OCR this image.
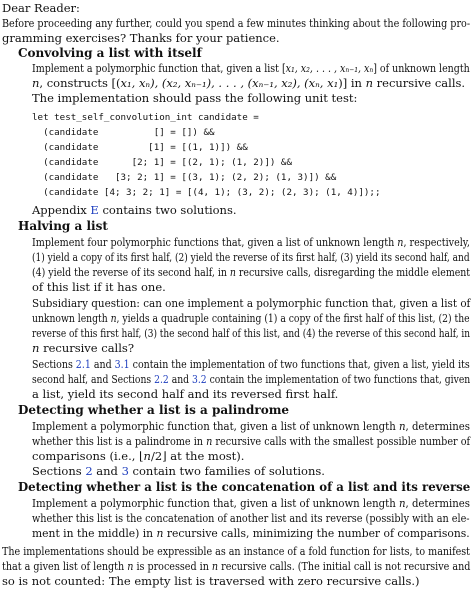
Dear Reader:
Before proceeding any further, could you spend a few minutes thinking about the following pro-
gramming exercises? Thanks for your patience.
Convolving a list with itself
Implement a polymorphic function that, given a list [x₁, x₂, . . . , xₙ₋₁, xₙ] of unknown length
n, constructs [(x₁, xₙ), (x₂, xₙ₋₁), . . . , (xₙ₋₁, x₂), (xₙ, x₁)] in n recursive calls.
The implementation should pass the following unit test:
let test_self_convolution_int candidate =
(candidate          [] = []) &&
(candidate         [1] = [(1, 1)]) &&
(candidate      [2; 1] = [(2, 1); (1, 2)]) &&
(candidate   [3; 2; 1] = [(3, 1); (2, 2); (1, 3)]) &&
(candidate [4; 3; 2; 1] = [(4, 1); (3, 2); (2, 3); (1, 4)]);;
Appendix E contains two solutions.
Halving a list
Implement four polymorphic functions that, given a list of unknown length n, respectively,
(1) yield a copy of its first half, (2) yield the reverse of its first half, (3) yield its second half, and
(4) yield the reverse of its second half, in n recursive calls, disregarding the middle element
of this list if it has one.
Subsidiary question: can one implement a polymorphic function that, given a list of
unknown length n, yields a quadruple containing (1) a copy of the first half of this list, (2) the
reverse of this first half, (3) the second half of this list, and (4) the reverse of this second half, in
n recursive calls?
Sections 2.1 and 3.1 contain the implementation of two functions that, given a list, yield its
second half, and Sections 2.2 and 3.2 contain the implementation of two functions that, given
a list, yield its second half and its reversed first half.
Detecting whether a list is a palindrome
Implement a polymorphic function that, given a list of unknown length n, determines
whether this list is a palindrome in n recursive calls with the smallest possible number of
comparisons (i.e., ⌊n/2⌋ at the most).
Sections 2 and 3 contain two families of solutions.
Detecting whether a list is the concatenation of a list and its reverse
Implement a polymorphic function that, given a list of unknown length n, determines
whether this list is the concatenation of another list and its reverse (possibly with an ele-
ment in the middle) in n recursive calls, minimizing the number of comparisons.
The implementations should be expressible as an instance of a fold function for lists, to manifest
that a given list of length n is processed in n recursive calls. (The initial call is not recursive and
so is not counted: The empty list is traversed with zero recursive calls.)
